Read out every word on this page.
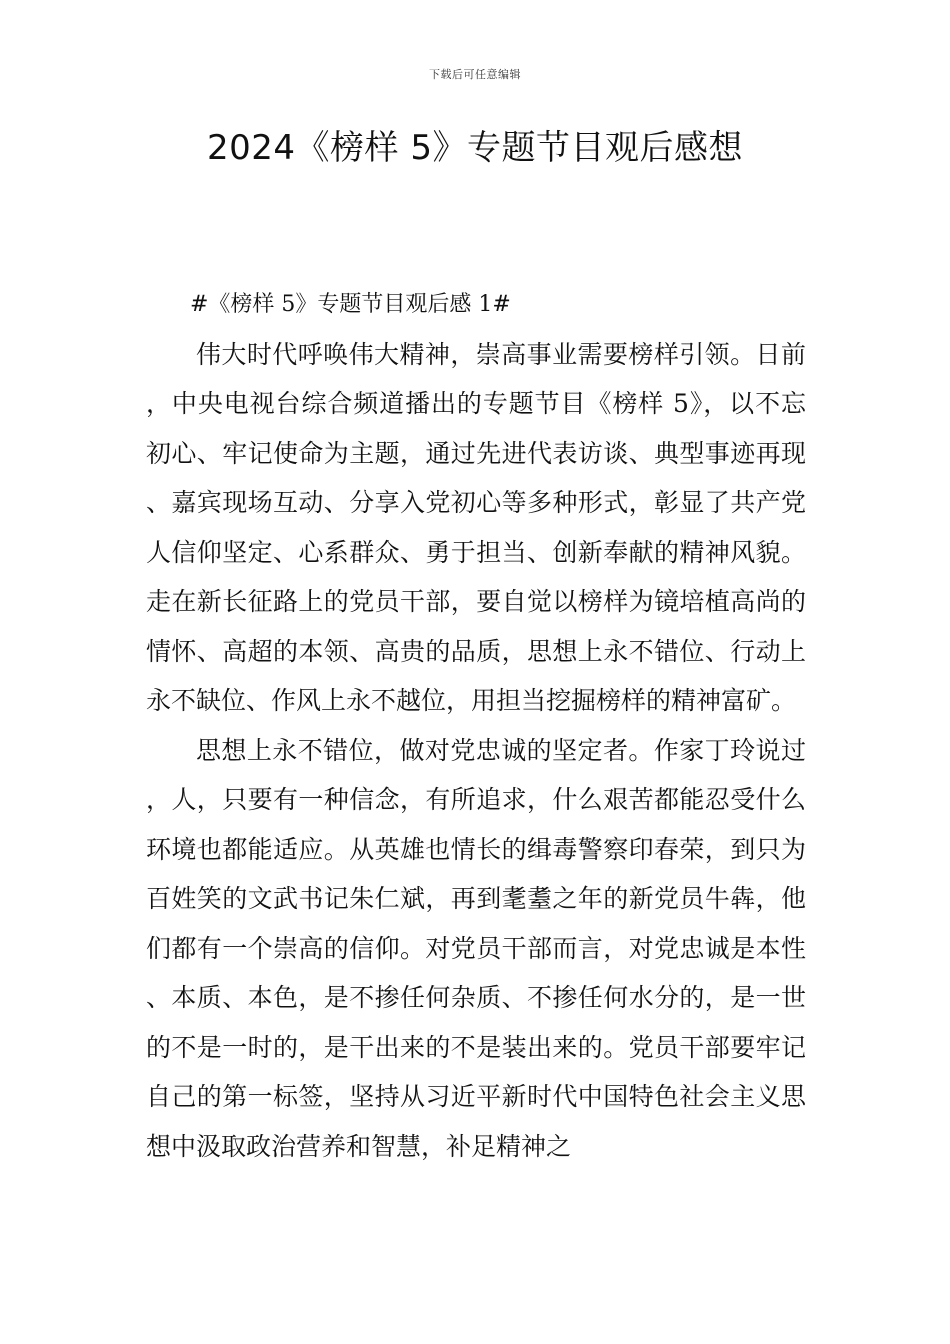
下载后可任意编辑
2024《榜样 5》专题节目观后感想

#《榜样 5》专题节目观后感 1#

伟大时代呼唤伟大精神，崇高事业需要榜样引领。日前，中央电视台综合频道播出的专题节目《榜样 5》，以不忘初心、牢记使命为主题，通过先进代表访谈、典型事迹再现、嘉宾现场互动、分享入党初心等多种形式，彰显了共产党人信仰坚定、心系群众、勇于担当、创新奉献的精神风貌。走在新长征路上的党员干部，要自觉以榜样为镜培植高尚的情怀、高超的本领、高贵的品质，思想上永不错位、行动上永不缺位、作风上永不越位，用担当挖掘榜样的精神富矿。

思想上永不错位，做对党忠诚的坚定者。作家丁玲说过，人，只要有一种信念，有所追求，什么艰苦都能忍受什么环境也都能适应。从英雄也情长的缉毒警察印春荣，到只为百姓笑的文武书记朱仁斌，再到耄耋之年的新党员牛犇，他们都有一个崇高的信仰。对党员干部而言，对党忠诚是本性、本质、本色，是不掺任何杂质、不掺任何水分的，是一世的不是一时的，是干出来的不是装出来的。党员干部要牢记自己的第一标签，坚持从习近平新时代中国特色社会主义思想中汲取政治营养和智慧，补足精神之
